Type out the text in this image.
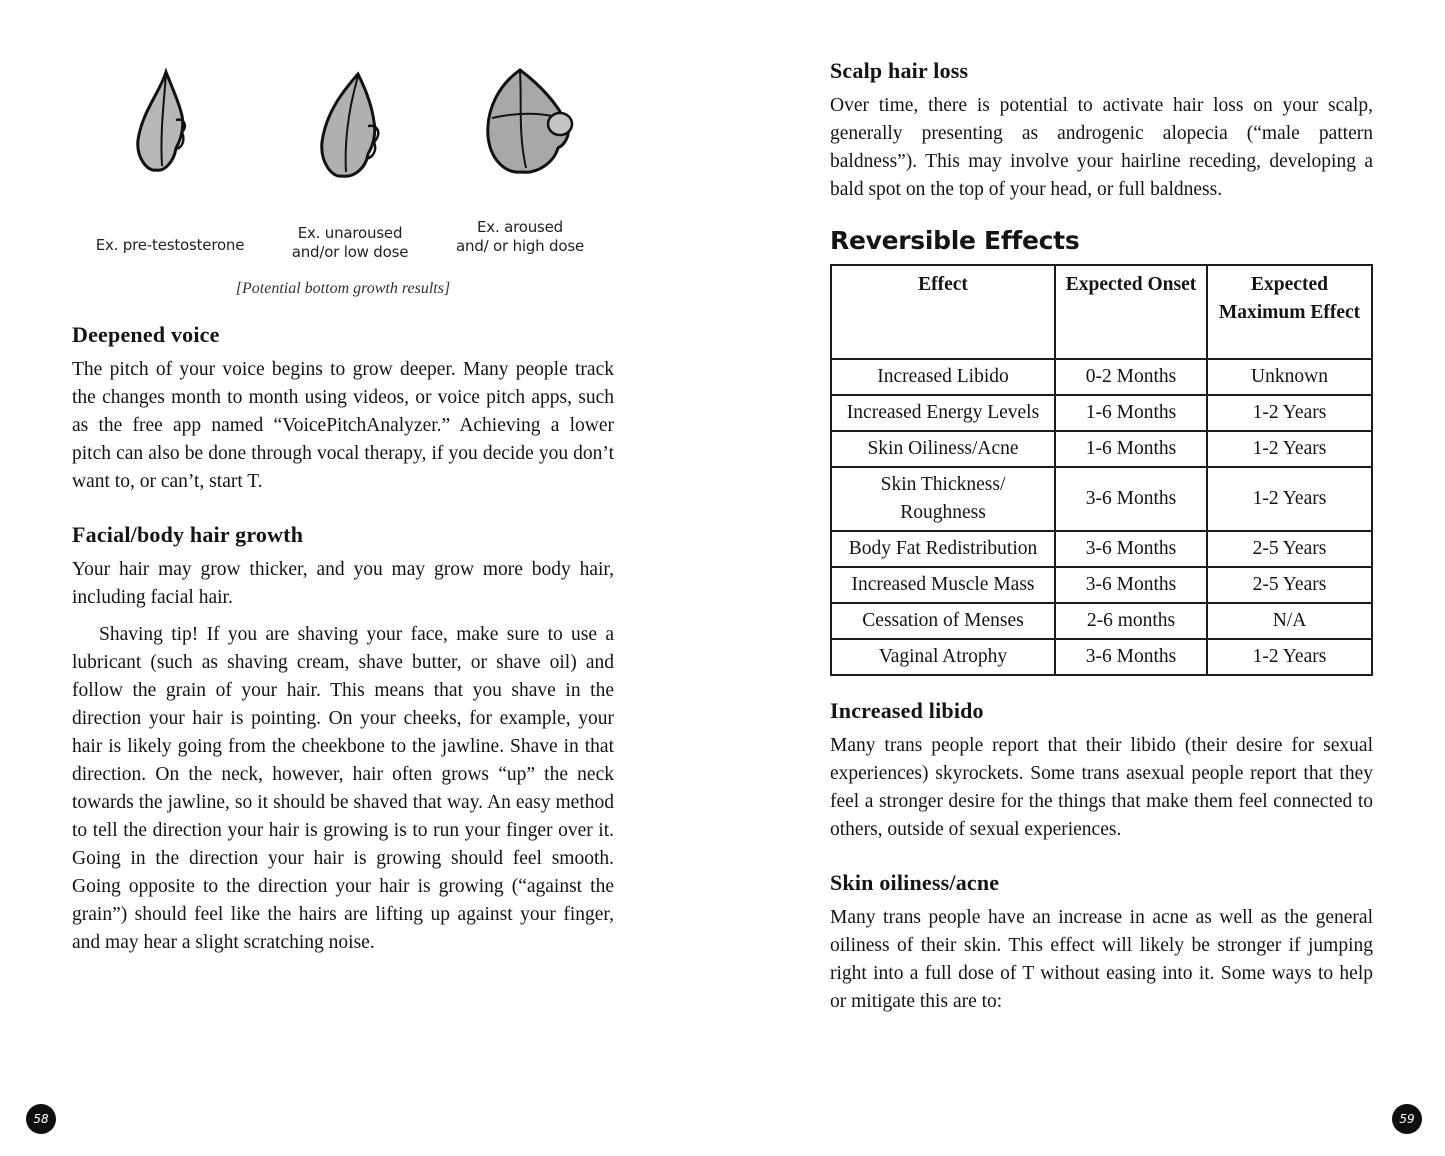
Ex. pre-testosterone
Ex. unaroused
and/or low dose
Ex. aroused
and/ or high dose
[Potential bottom growth results]
Deepened voice

The pitch of your voice begins to grow deeper. Many people track the changes month to month using videos, or voice pitch apps, such as the free app named “VoicePitchAnalyzer.” Achieving a lower pitch can also be done through vocal therapy, if you decide you don’t want to, or can’t, start T.

Facial/body hair growth

Your hair may grow thicker, and you may grow more body hair, including facial hair.

Shaving tip! If you are shaving your face, make sure to use a lubricant (such as shaving cream, shave butter, or shave oil) and follow the grain of your hair. This means that you shave in the direction your hair is pointing. On your cheeks, for example, your hair is likely going from the cheekbone to the jawline. Shave in that direction. On the neck, however, hair often grows “up” the neck towards the jawline, so it should be shaved that way. An easy method to tell the direction your hair is growing is to run your finger over it. Going in the direction your hair is growing should feel smooth. Going opposite to the direction your hair is growing (“against the grain”) should feel like the hairs are lifting up against your finger, and may hear a slight scratching noise.

58
Scalp hair loss

Over time, there is potential to activate hair loss on your scalp, generally presenting as androgenic alopecia (“male pattern baldness”). This may involve your hairline receding, developing a bald spot on the top of your head, or full baldness.

Reversible Effects
Effect	Expected Onset	Expected Maximum Effect
Increased Libido	0-2 Months	Unknown
Increased Energy Levels	1-6 Months	1-2 Years
Skin Oiliness/Acne	1-6 Months	1-2 Years
Skin Thickness/ Roughness	3-6 Months	1-2 Years
Body Fat Redistribution	3-6 Months	2-5 Years
Increased Muscle Mass	3-6 Months	2-5 Years
Cessation of Menses	2-6 months	N/A
Vaginal Atrophy	3-6 Months	1-2 Years
Increased libido

Many trans people report that their libido (their desire for sexual experiences) skyrockets. Some trans asexual people report that they feel a stronger desire for the things that make them feel connected to others, outside of sexual experiences.

Skin oiliness/acne

Many trans people have an increase in acne as well as the general oiliness of their skin. This effect will likely be stronger if jumping right into a full dose of T without easing into it. Some ways to help or mitigate this are to:

59
